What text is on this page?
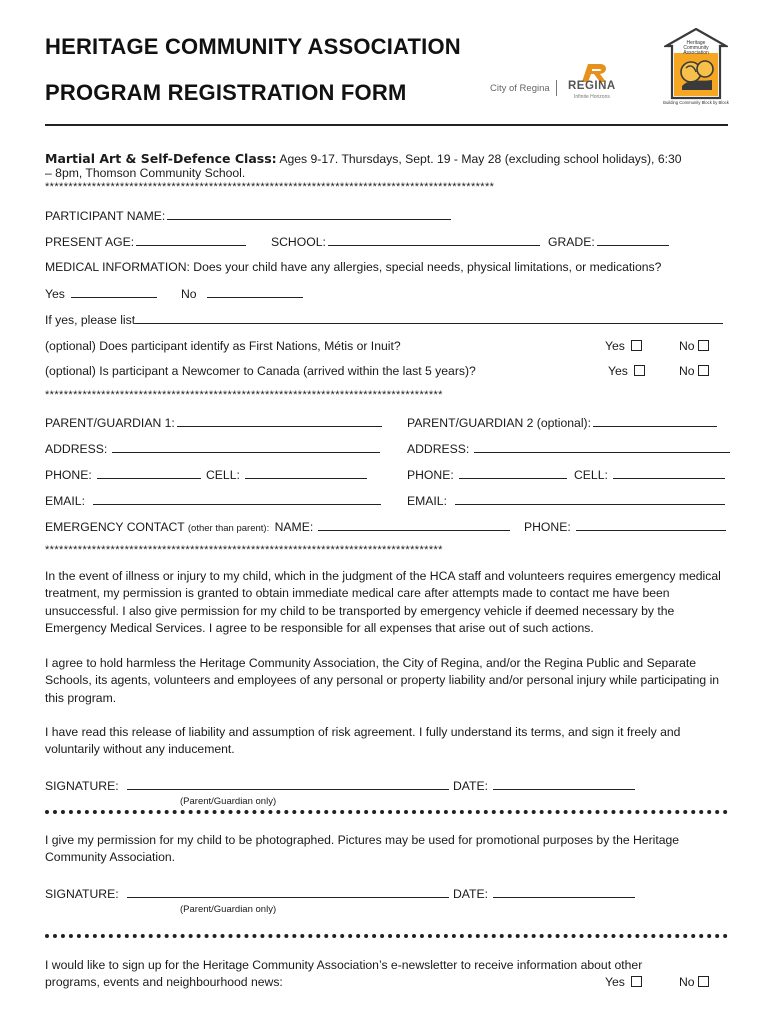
HERITAGE COMMUNITY ASSOCIATION
PROGRAM REGISTRATION FORM	City of Regina REGINA
Infinite Horizons
Heritage
Community
Association
Building Community Block by Block
Martial Art & Self-Defence Class: Ages 9-17. Thursdays, Sept. 19 - May 28 (excluding school holidays), 6:30
– 8pm, Thomson Community School.
************************************************************************************************
PARTICIPANT NAME:
PRESENT AGE:	SCHOOL:	GRADE:
MEDICAL INFORMATION: Does your child have any allergies, special needs, physical limitations, or medications?
Yes	No
If yes, please list
(optional) Does participant identify as First Nations, Métis or Inuit?	Yes	No
(optional) Is participant a Newcomer to Canada (arrived within the last 5 years)?	Yes	No
*************************************************************************************
PARENT/GUARDIAN 1:	PARENT/GUARDIAN 2 (optional):
ADDRESS:	ADDRESS:
PHONE:	CELL:	PHONE:	CELL:
EMAIL:	EMAIL:
EMERGENCY CONTACT (other than parent): NAME:	PHONE:
*************************************************************************************
In the event of illness or injury to my child, which in the judgment of the HCA staff and volunteers requires emergency medical treatment, my permission is granted to obtain immediate medical care after attempts made to contact me have been unsuccessful. I also give permission for my child to be transported by emergency vehicle if deemed necessary by the Emergency Medical Services. I agree to be responsible for all expenses that arise out of such actions.
I agree to hold harmless the Heritage Community Association, the City of Regina, and/or the Regina Public and Separate Schools, its agents, volunteers and employees of any personal or property liability and/or personal injury while participating in this program.
I have read this release of liability and assumption of risk agreement. I fully understand its terms, and sign it freely and voluntarily without any inducement.
SIGNATURE:	DATE:
(Parent/Guardian only)
I give my permission for my child to be photographed. Pictures may be used for promotional purposes by the Heritage Community Association.
SIGNATURE:	DATE:
(Parent/Guardian only)
I would like to sign up for the Heritage Community Association’s e-newsletter to receive information about other
programs, events and neighbourhood news:	Yes	No
